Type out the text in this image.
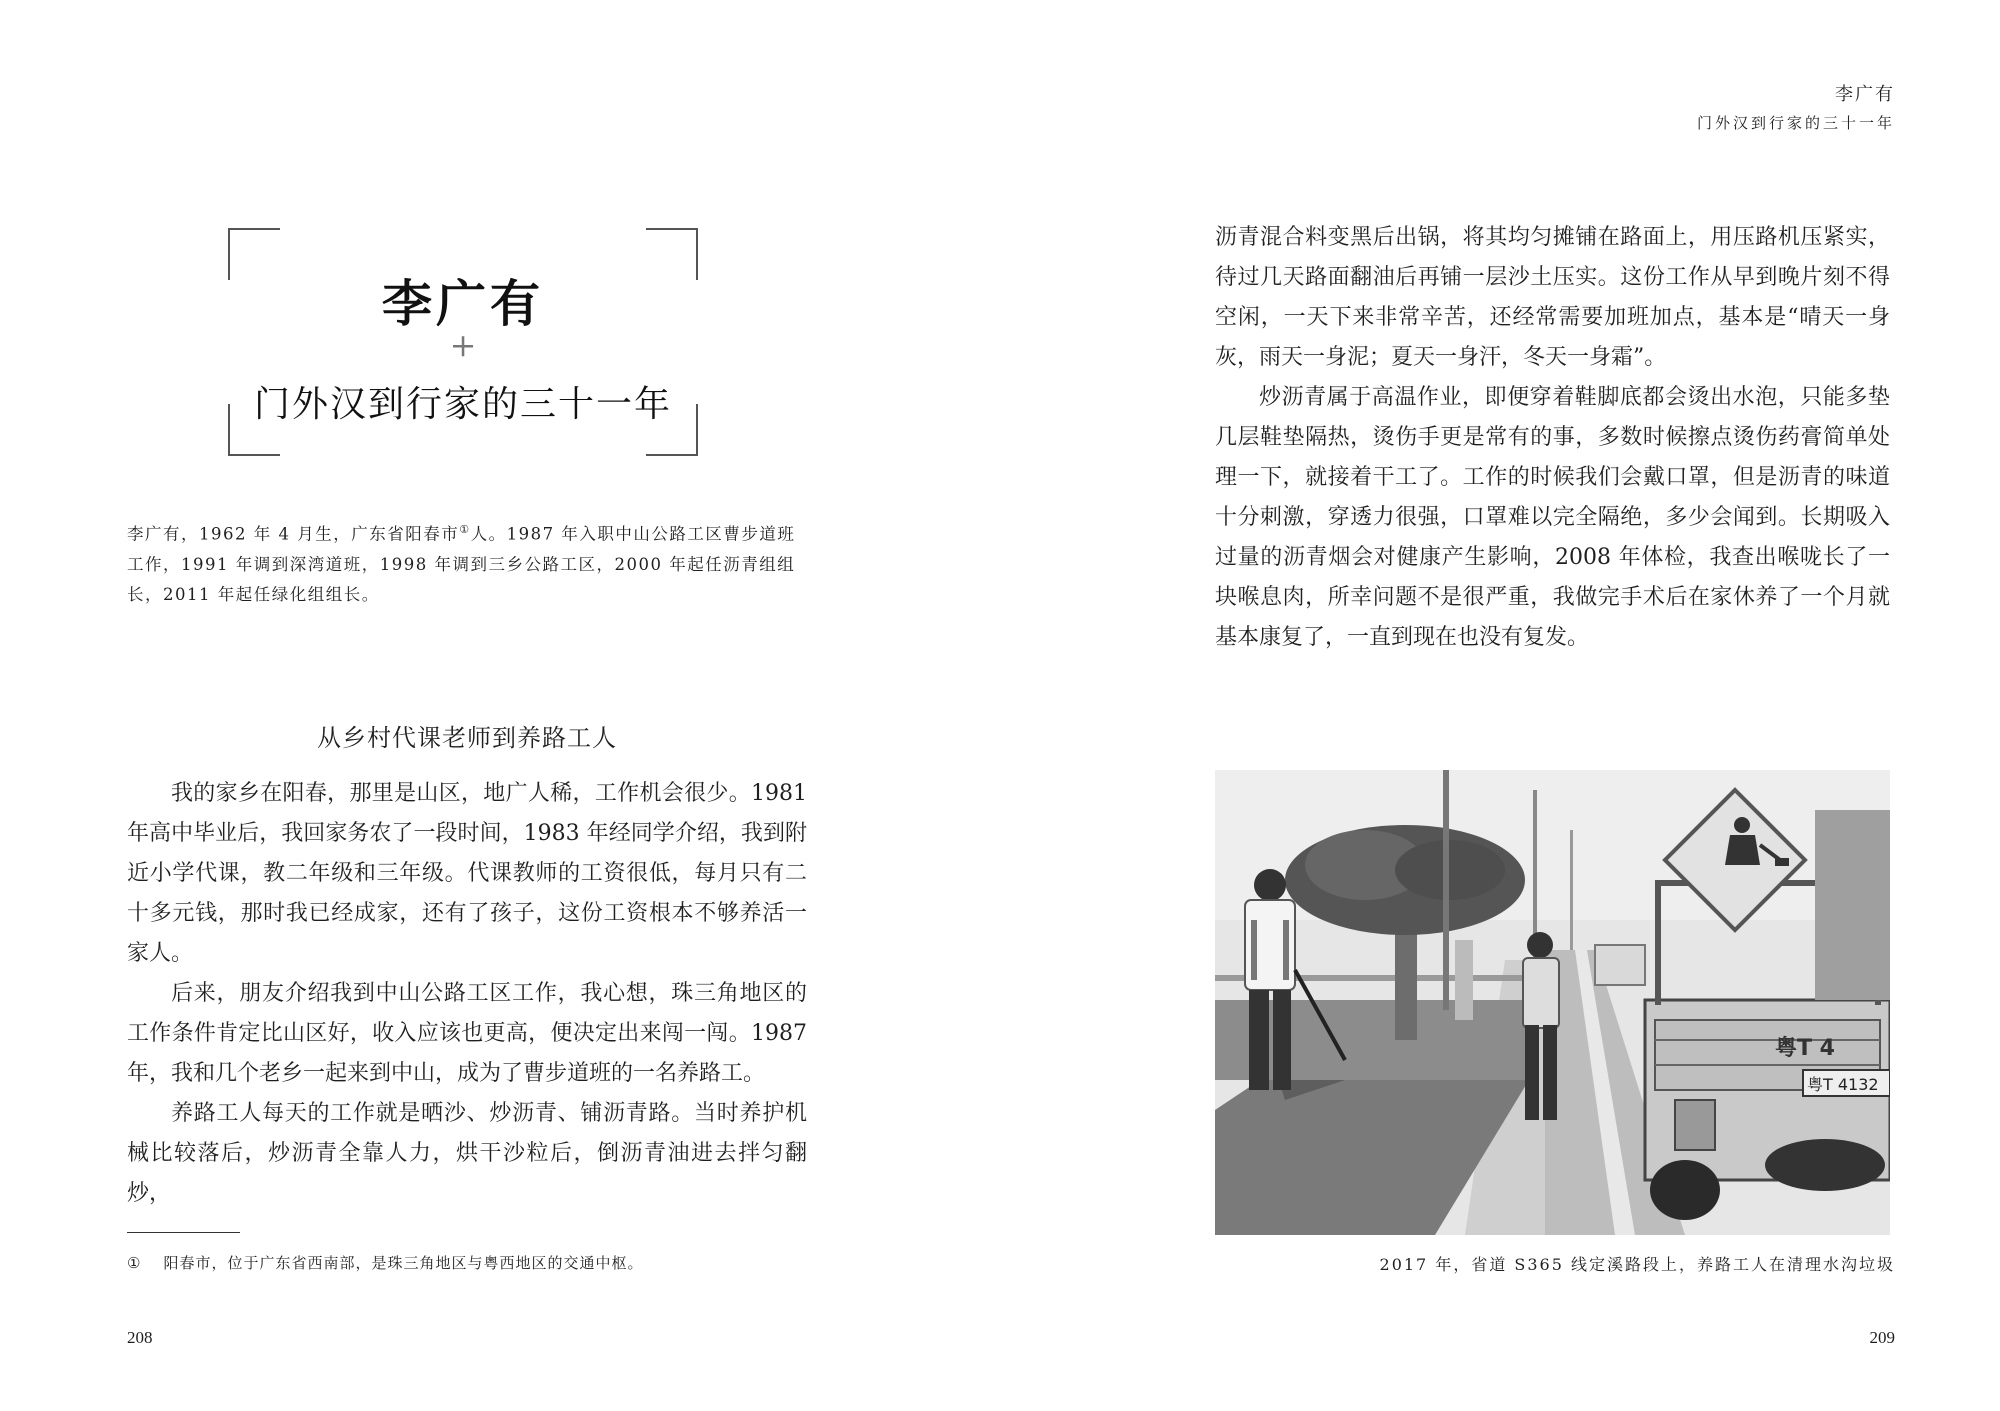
李广有
+
门外汉到行家的三十一年
李广有，1962 年 4 月生，广东省阳春市①人。1987 年入职中山公路工区曹步道班工作，1991 年调到深湾道班，1998 年调到三乡公路工区，2000 年起任沥青组组长，2011 年起任绿化组组长。
从乡村代课老师到养路工人

我的家乡在阳春，那里是山区，地广人稀，工作机会很少。1981 年高中毕业后，我回家务农了一段时间，1983 年经同学介绍，我到附近小学代课，教二年级和三年级。代课教师的工资很低，每月只有二十多元钱，那时我已经成家，还有了孩子，这份工资根本不够养活一家人。

后来，朋友介绍我到中山公路工区工作，我心想，珠三角地区的工作条件肯定比山区好，收入应该也更高，便决定出来闯一闯。1987 年，我和几个老乡一起来到中山，成为了曹步道班的一名养路工。

养路工人每天的工作就是晒沙、炒沥青、铺沥青路。当时养护机械比较落后，炒沥青全靠人力，烘干沙粒后，倒沥青油进去拌匀翻炒，

① 阳春市，位于广东省西南部，是珠三角地区与粤西地区的交通中枢。
208
李广有
门外汉到行家的三十一年

沥青混合料变黑后出锅，将其均匀摊铺在路面上，用压路机压紧实，待过几天路面翻油后再铺一层沙土压实。这份工作从早到晚片刻不得空闲，一天下来非常辛苦，还经常需要加班加点，基本是“晴天一身灰，雨天一身泥；夏天一身汗，冬天一身霜”。

炒沥青属于高温作业，即便穿着鞋脚底都会烫出水泡，只能多垫几层鞋垫隔热，烫伤手更是常有的事，多数时候擦点烫伤药膏简单处理一下，就接着干工了。工作的时候我们会戴口罩，但是沥青的味道十分刺激，穿透力很强，口罩难以完全隔绝，多少会闻到。长期吸入过量的沥青烟会对健康产生影响，2008 年体检，我查出喉咙长了一块喉息肉，所幸问题不是很严重，我做完手术后在家休养了一个月就基本康复了，一直到现在也没有复发。

粤T 4
粤T 4132
2017 年，省道 S365 线定溪路段上，养路工人在清理水沟垃圾
209
